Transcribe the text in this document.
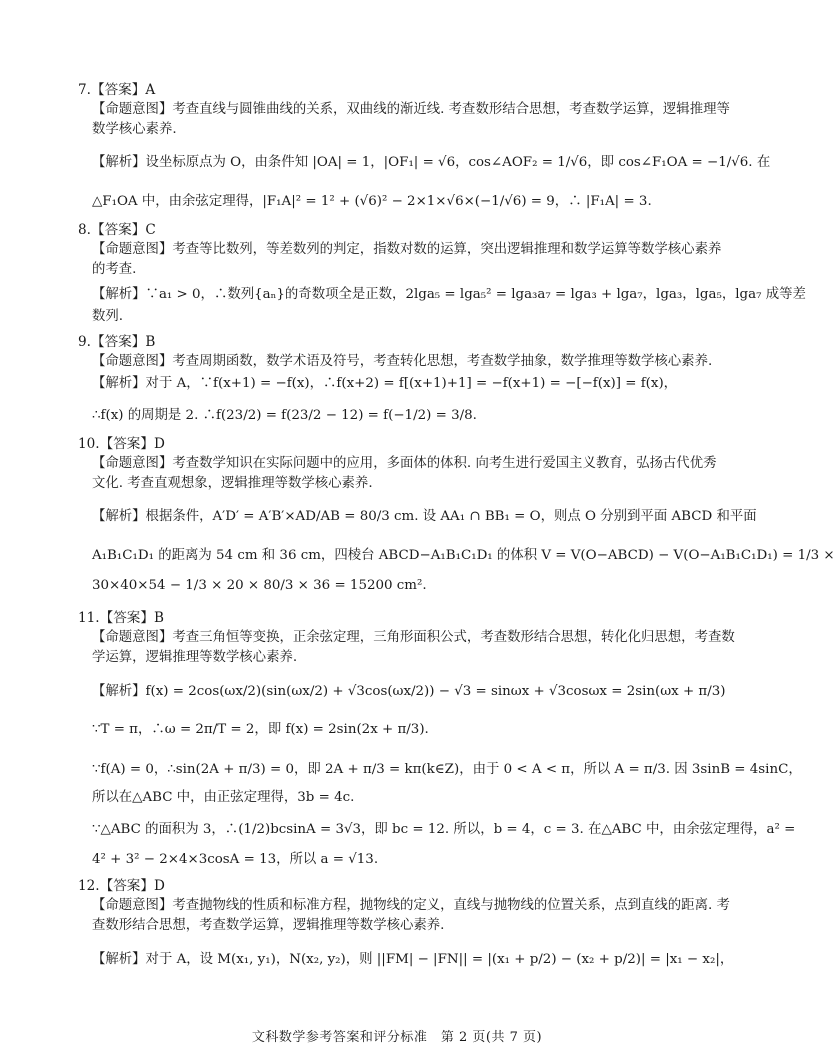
7.【答案】A
【命题意图】考查直线与圆锥曲线的关系，双曲线的渐近线. 考查数形结合思想，考查数学运算，逻辑推理等
数学核心素养.
【解析】设坐标原点为 O，由条件知 |OA| = 1，|OF₁| = √6，cos∠AOF₂ = 1/√6，即 cos∠F₁OA = −1/√6. 在
△F₁OA 中，由余弦定理得，|F₁A|² = 1² + (√6)² − 2×1×√6×(−1/√6) = 9，∴ |F₁A| = 3.
8.【答案】C
【命题意图】考查等比数列，等差数列的判定，指数对数的运算，突出逻辑推理和数学运算等数学核心素养
的考查.
【解析】∵a₁ > 0，∴数列{aₙ}的奇数项全是正数，2lga₅ = lga₅² = lga₃a₇ = lga₃ + lga₇，lga₃，lga₅，lga₇ 成等差
数列.
9.【答案】B
【命题意图】考查周期函数，数学术语及符号，考查转化思想，考查数学抽象，数学推理等数学核心素养.
【解析】对于 A，∵f(x+1) = −f(x)，∴f(x+2) = f[(x+1)+1] = −f(x+1) = −[−f(x)] = f(x)，
∴f(x) 的周期是 2. ∴f(23/2) = f(23/2 − 12) = f(−1/2) = 3/8.
10.【答案】D
【命题意图】考查数学知识在实际问题中的应用，多面体的体积. 向考生进行爱国主义教育，弘扬古代优秀
文化. 考查直观想象，逻辑推理等数学核心素养.
【解析】根据条件，A′D′ = A′B′×AD/AB = 80/3 cm. 设 AA₁ ∩ BB₁ = O，则点 O 分别到平面 ABCD 和平面
A₁B₁C₁D₁ 的距离为 54 cm 和 36 cm，四棱台 ABCD−A₁B₁C₁D₁ 的体积 V = V(O−ABCD) − V(O−A₁B₁C₁D₁) = 1/3 ×
30×40×54 − 1/3 × 20 × 80/3 × 36 = 15200 cm².
11.【答案】B
【命题意图】考查三角恒等变换，正余弦定理，三角形面积公式，考查数形结合思想，转化化归思想，考查数
学运算，逻辑推理等数学核心素养.
【解析】f(x) = 2cos(ωx/2)(sin(ωx/2) + √3cos(ωx/2)) − √3 = sinωx + √3cosωx = 2sin(ωx + π/3)
∵T = π，∴ω = 2π/T = 2，即 f(x) = 2sin(2x + π/3).
∵f(A) = 0，∴sin(2A + π/3) = 0，即 2A + π/3 = kπ(k∈Z)，由于 0 < A < π，所以 A = π/3. 因 3sinB = 4sinC，
所以在△ABC 中，由正弦定理得，3b = 4c.
∵△ABC 的面积为 3，∴(1/2)bcsinA = 3√3，即 bc = 12. 所以，b = 4，c = 3. 在△ABC 中，由余弦定理得，a² =
4² + 3² − 2×4×3cosA = 13，所以 a = √13.
12.【答案】D
【命题意图】考查抛物线的性质和标准方程，抛物线的定义，直线与抛物线的位置关系，点到直线的距离. 考
查数形结合思想，考查数学运算，逻辑推理等数学核心素养.
【解析】对于 A，设 M(x₁, y₁)，N(x₂, y₂)，则 ||FM| − |FN|| = |(x₁ + p/2) − (x₂ + p/2)| = |x₁ − x₂|，
文科数学参考答案和评分标准　第 2 页(共 7 页)
